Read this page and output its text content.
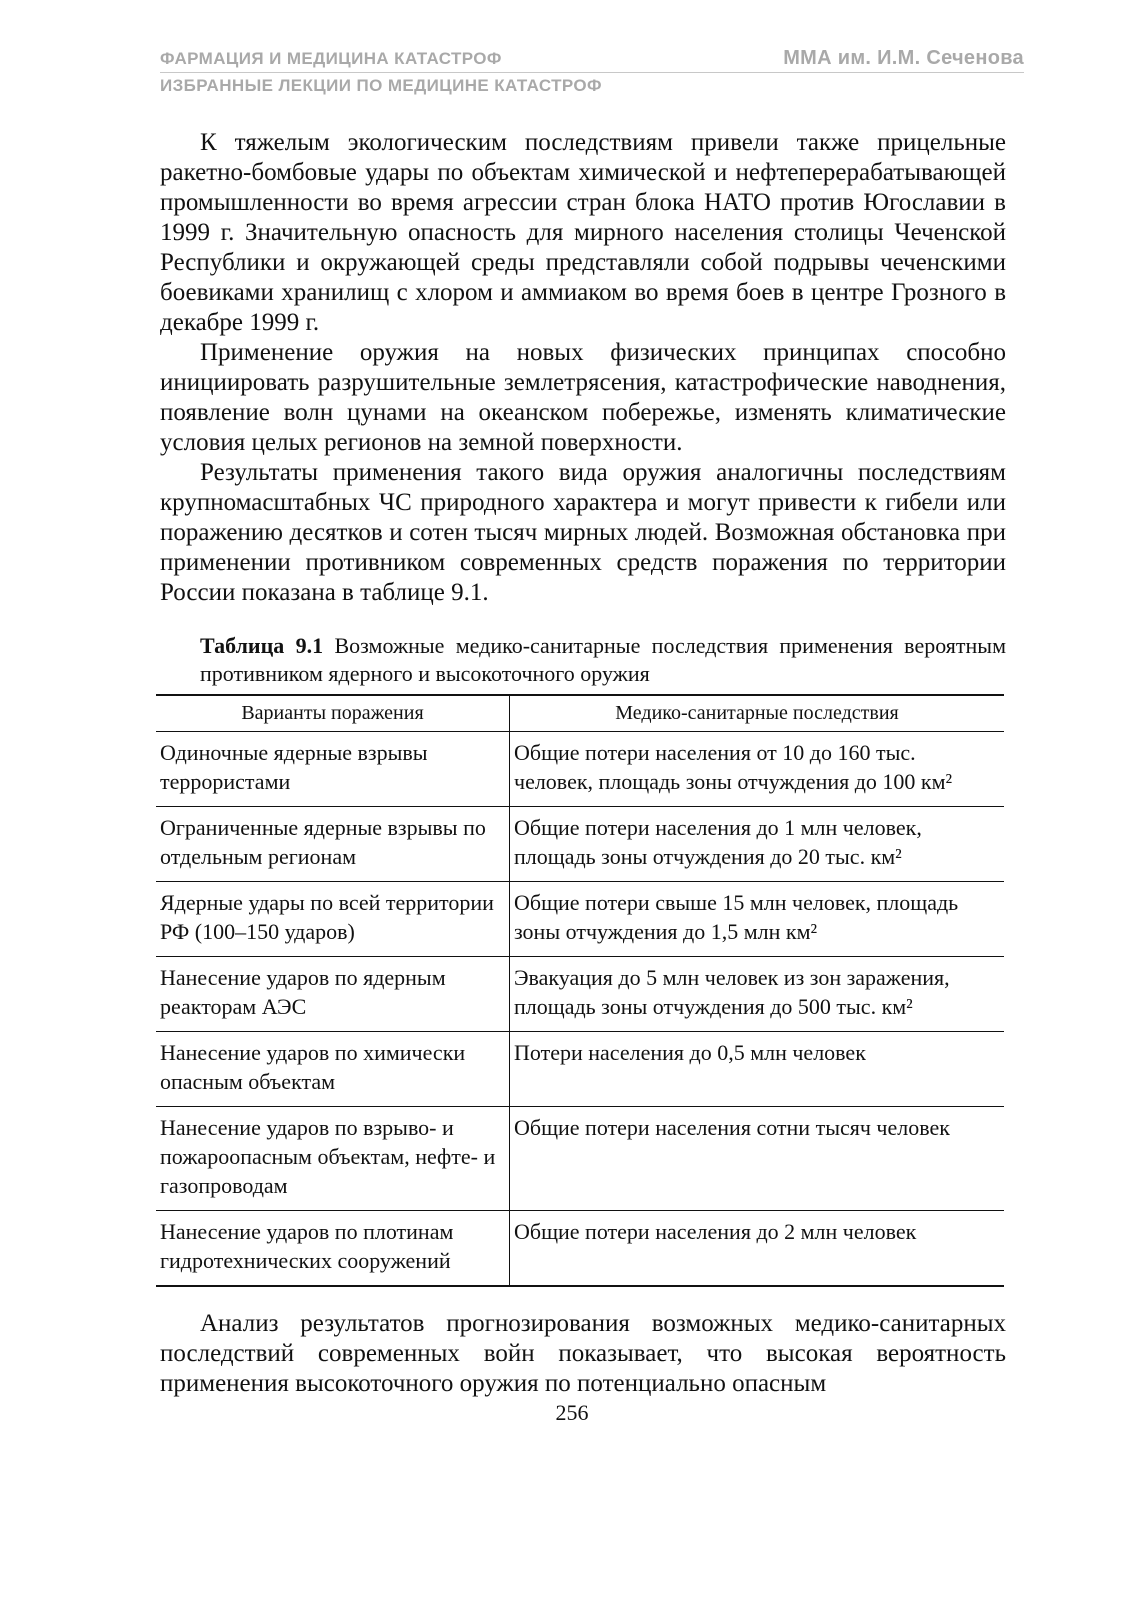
ФАРМАЦИЯ И МЕДИЦИНА КАТАСТРОФ	ММА им. И.М. Сеченова
ИЗБРАННЫЕ ЛЕКЦИИ ПО МЕДИЦИНЕ КАТАСТРОФ

К тяжелым экологическим последствиям привели также прицельные ракетно-бомбовые удары по объектам химической и нефтеперерабатывающей промышленности во время агрессии стран блока НАТО против Югославии в 1999 г. Значительную опасность для мирного населения столицы Чеченской Республики и окружающей среды представляли собой подрывы чеченскими боевиками хранилищ с хлором и аммиаком во время боев в центре Грозного в декабре 1999 г.

Применение оружия на новых физических принципах способно инициировать разрушительные землетрясения, катастрофические наводнения, появление волн цунами на океанском побережье, изменять климатические условия целых регионов на земной поверхности.

Результаты применения такого вида оружия аналогичны последствиям крупномасштабных ЧС природного характера и могут привести к гибели или поражению десятков и сотен тысяч мирных людей. Возможная обстановка при применении противником современных средств поражения по территории России показана в таблице 9.1.

Таблица 9.1 Возможные медико-санитарные последствия применения вероятным противником ядерного и высокоточного оружия
Варианты поражения	Медико-санитарные последствия
Одиночные ядерные взрывы террористами	Общие потери населения от 10 до 160 тыс. человек, площадь зоны отчуждения до 100 км²
Ограниченные ядерные взрывы по отдельным регионам	Общие потери населения до 1 млн человек, площадь зоны отчуждения до 20 тыс. км²
Ядерные удары по всей территории РФ (100–150 ударов)	Общие потери свыше 15 млн человек, площадь зоны отчуждения до 1,5 млн км²
Нанесение ударов по ядерным реакторам АЭС	Эвакуация до 5 млн человек из зон заражения, площадь зоны отчуждения до 500 тыс. км²
Нанесение ударов по химически опасным объектам	Потери населения до 0,5 млн человек
Нанесение ударов по взрыво- и пожароопасным объектам, нефте- и газопроводам	Общие потери населения сотни тысяч человек
Нанесение ударов по плотинам гидротехнических сооружений	Общие потери населения до 2 млн человек

Анализ результатов прогнозирования возможных медико-санитарных последствий современных войн показывает, что высокая вероятность применения высокоточного оружия по потенциально опасным

256
